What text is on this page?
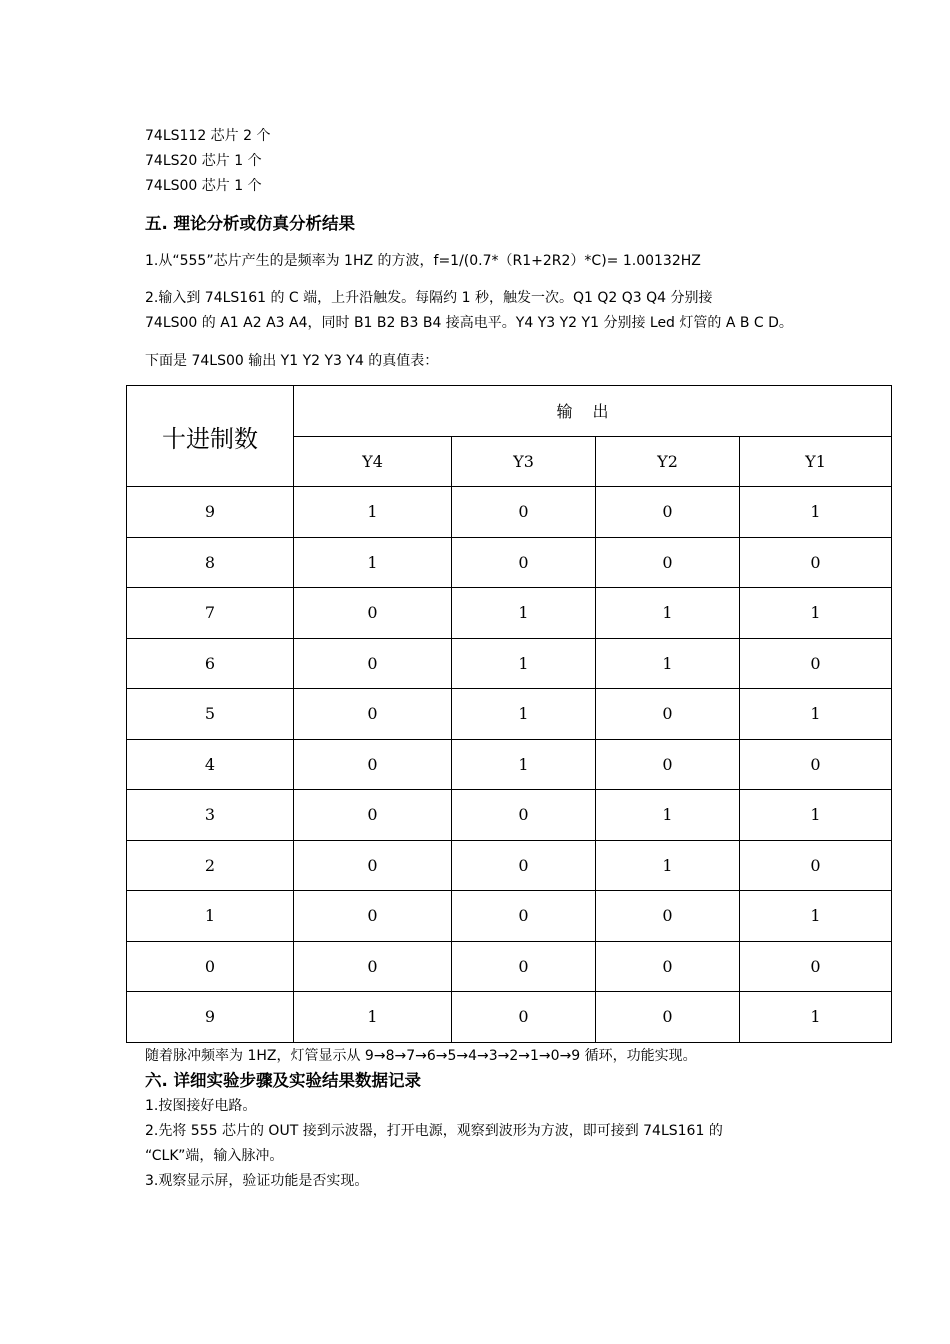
74LS112 芯片 2 个
74LS20 芯片 1 个
74LS00 芯片 1 个
五. 理论分析或仿真分析结果
1.从“555”芯片产生的是频率为 1HZ 的方波，f=1/(0.7*（R1+2R2）*C)= 1.00132HZ
2.输入到 74LS161 的 C 端，上升沿触发。每隔约 1 秒，触发一次。Q1 Q2 Q3 Q4 分别接
74LS00 的 A1 A2 A3 A4，同时 B1 B2 B3 B4 接高电平。Y4 Y3 Y2 Y1 分别接 Led 灯管的 A B C D。
下面是 74LS00 输出 Y1 Y2 Y3 Y4 的真值表：
十进制数	输出			
	Y4	Y3	Y2	Y1
9	1	0	0	1
8	1	0	0	0
7	0	1	1	1
6	0	1	1	0
5	0	1	0	1
4	0	1	0	0
3	0	0	1	1
2	0	0	1	0
1	0	0	0	1
0	0	0	0	0
9	1	0	0	1
随着脉冲频率为 1HZ，灯管显示从 9→8→7→6→5→4→3→2→1→0→9 循环，功能实现。
六. 详细实验步骤及实验结果数据记录
1.按图接好电路。
2.先将 555 芯片的 OUT 接到示波器，打开电源，观察到波形为方波，即可接到 74LS161 的
“CLK”端，输入脉冲。
3.观察显示屏，验证功能是否实现。
